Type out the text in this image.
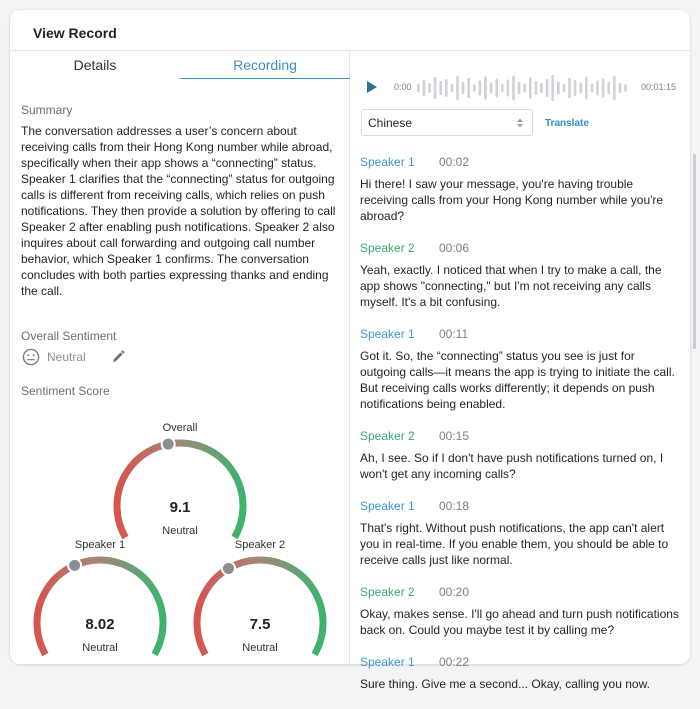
View Record
Details	Recording
Summary
The conversation addresses a user’s concern about receiving calls from their Hong Kong number while abroad, specifically when their app shows a “connecting” status. Speaker 1 clarifies that the “connecting” status for outgoing calls is different from receiving calls, which relies on push notifications. They then provide a solution by offering to call Speaker 2 after enabling push notifications. Speaker 2 also inquires about call forwarding and outgoing call number behavior, which Speaker 1 confirms. The conversation concludes with both parties expressing thanks and ending the call.
Overall Sentiment
Neutral
Sentiment Score
Overall
9.1
Neutral
Speaker 1
8.02
Neutral
Speaker 2
7.5
Neutral
0:00	00:01:15
Chinese	Translate
Speaker 1 00:02
Hi there! I saw your message, you're having trouble receiving calls from your Hong Kong number while you're abroad?
Speaker 2 00:06
Yeah, exactly. I noticed that when I try to make a call, the app shows "connecting," but I'm not receiving any calls myself. It's a bit confusing.
Speaker 1 00:11
Got it. So, the “connecting” status you see is just for outgoing calls—it means the app is trying to initiate the call. But receiving calls works differently; it depends on push notifications being enabled.
Speaker 2 00:15
Ah, I see. So if I don't have push notifications turned on, I won't get any incoming calls?
Speaker 1 00:18
That's right. Without push notifications, the app can't alert you in real-time. If you enable them, you should be able to receive calls just like normal.
Speaker 2 00:20
Okay, makes sense. I'll go ahead and turn push notifications back on. Could you maybe test it by calling me?
Speaker 1 00:22
Sure thing. Give me a second... Okay, calling you now.
